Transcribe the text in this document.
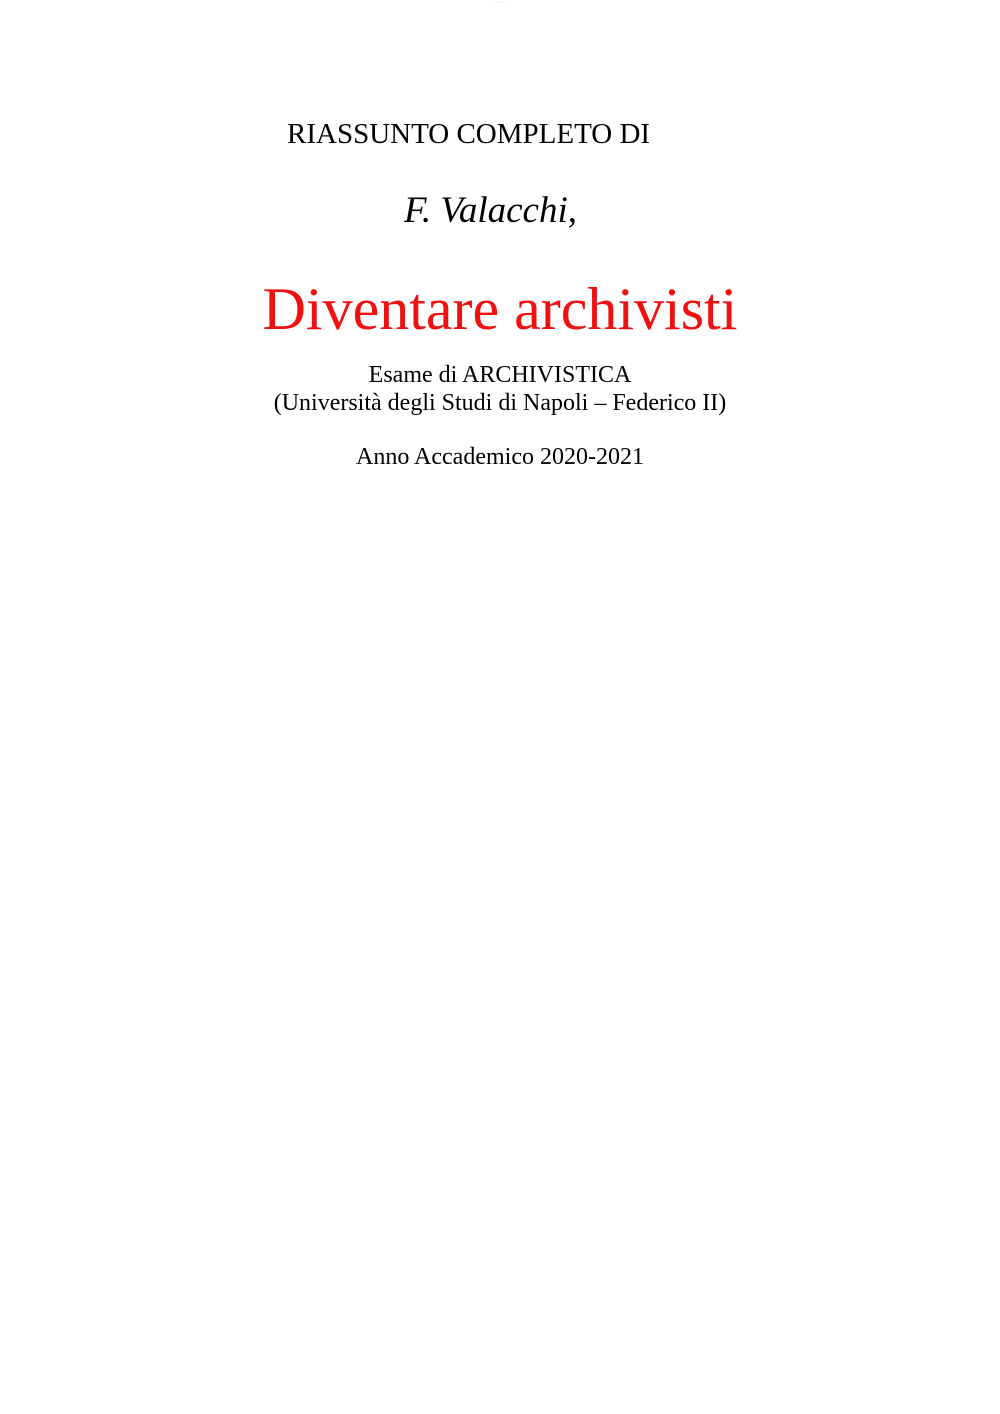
··· ·····
RIASSUNTO COMPLETO DI
F. Valacchi,
Diventare archivisti
Esame di ARCHIVISTICA
(Università degli Studi di Napoli – Federico II)
Anno Accademico 2020-2021
